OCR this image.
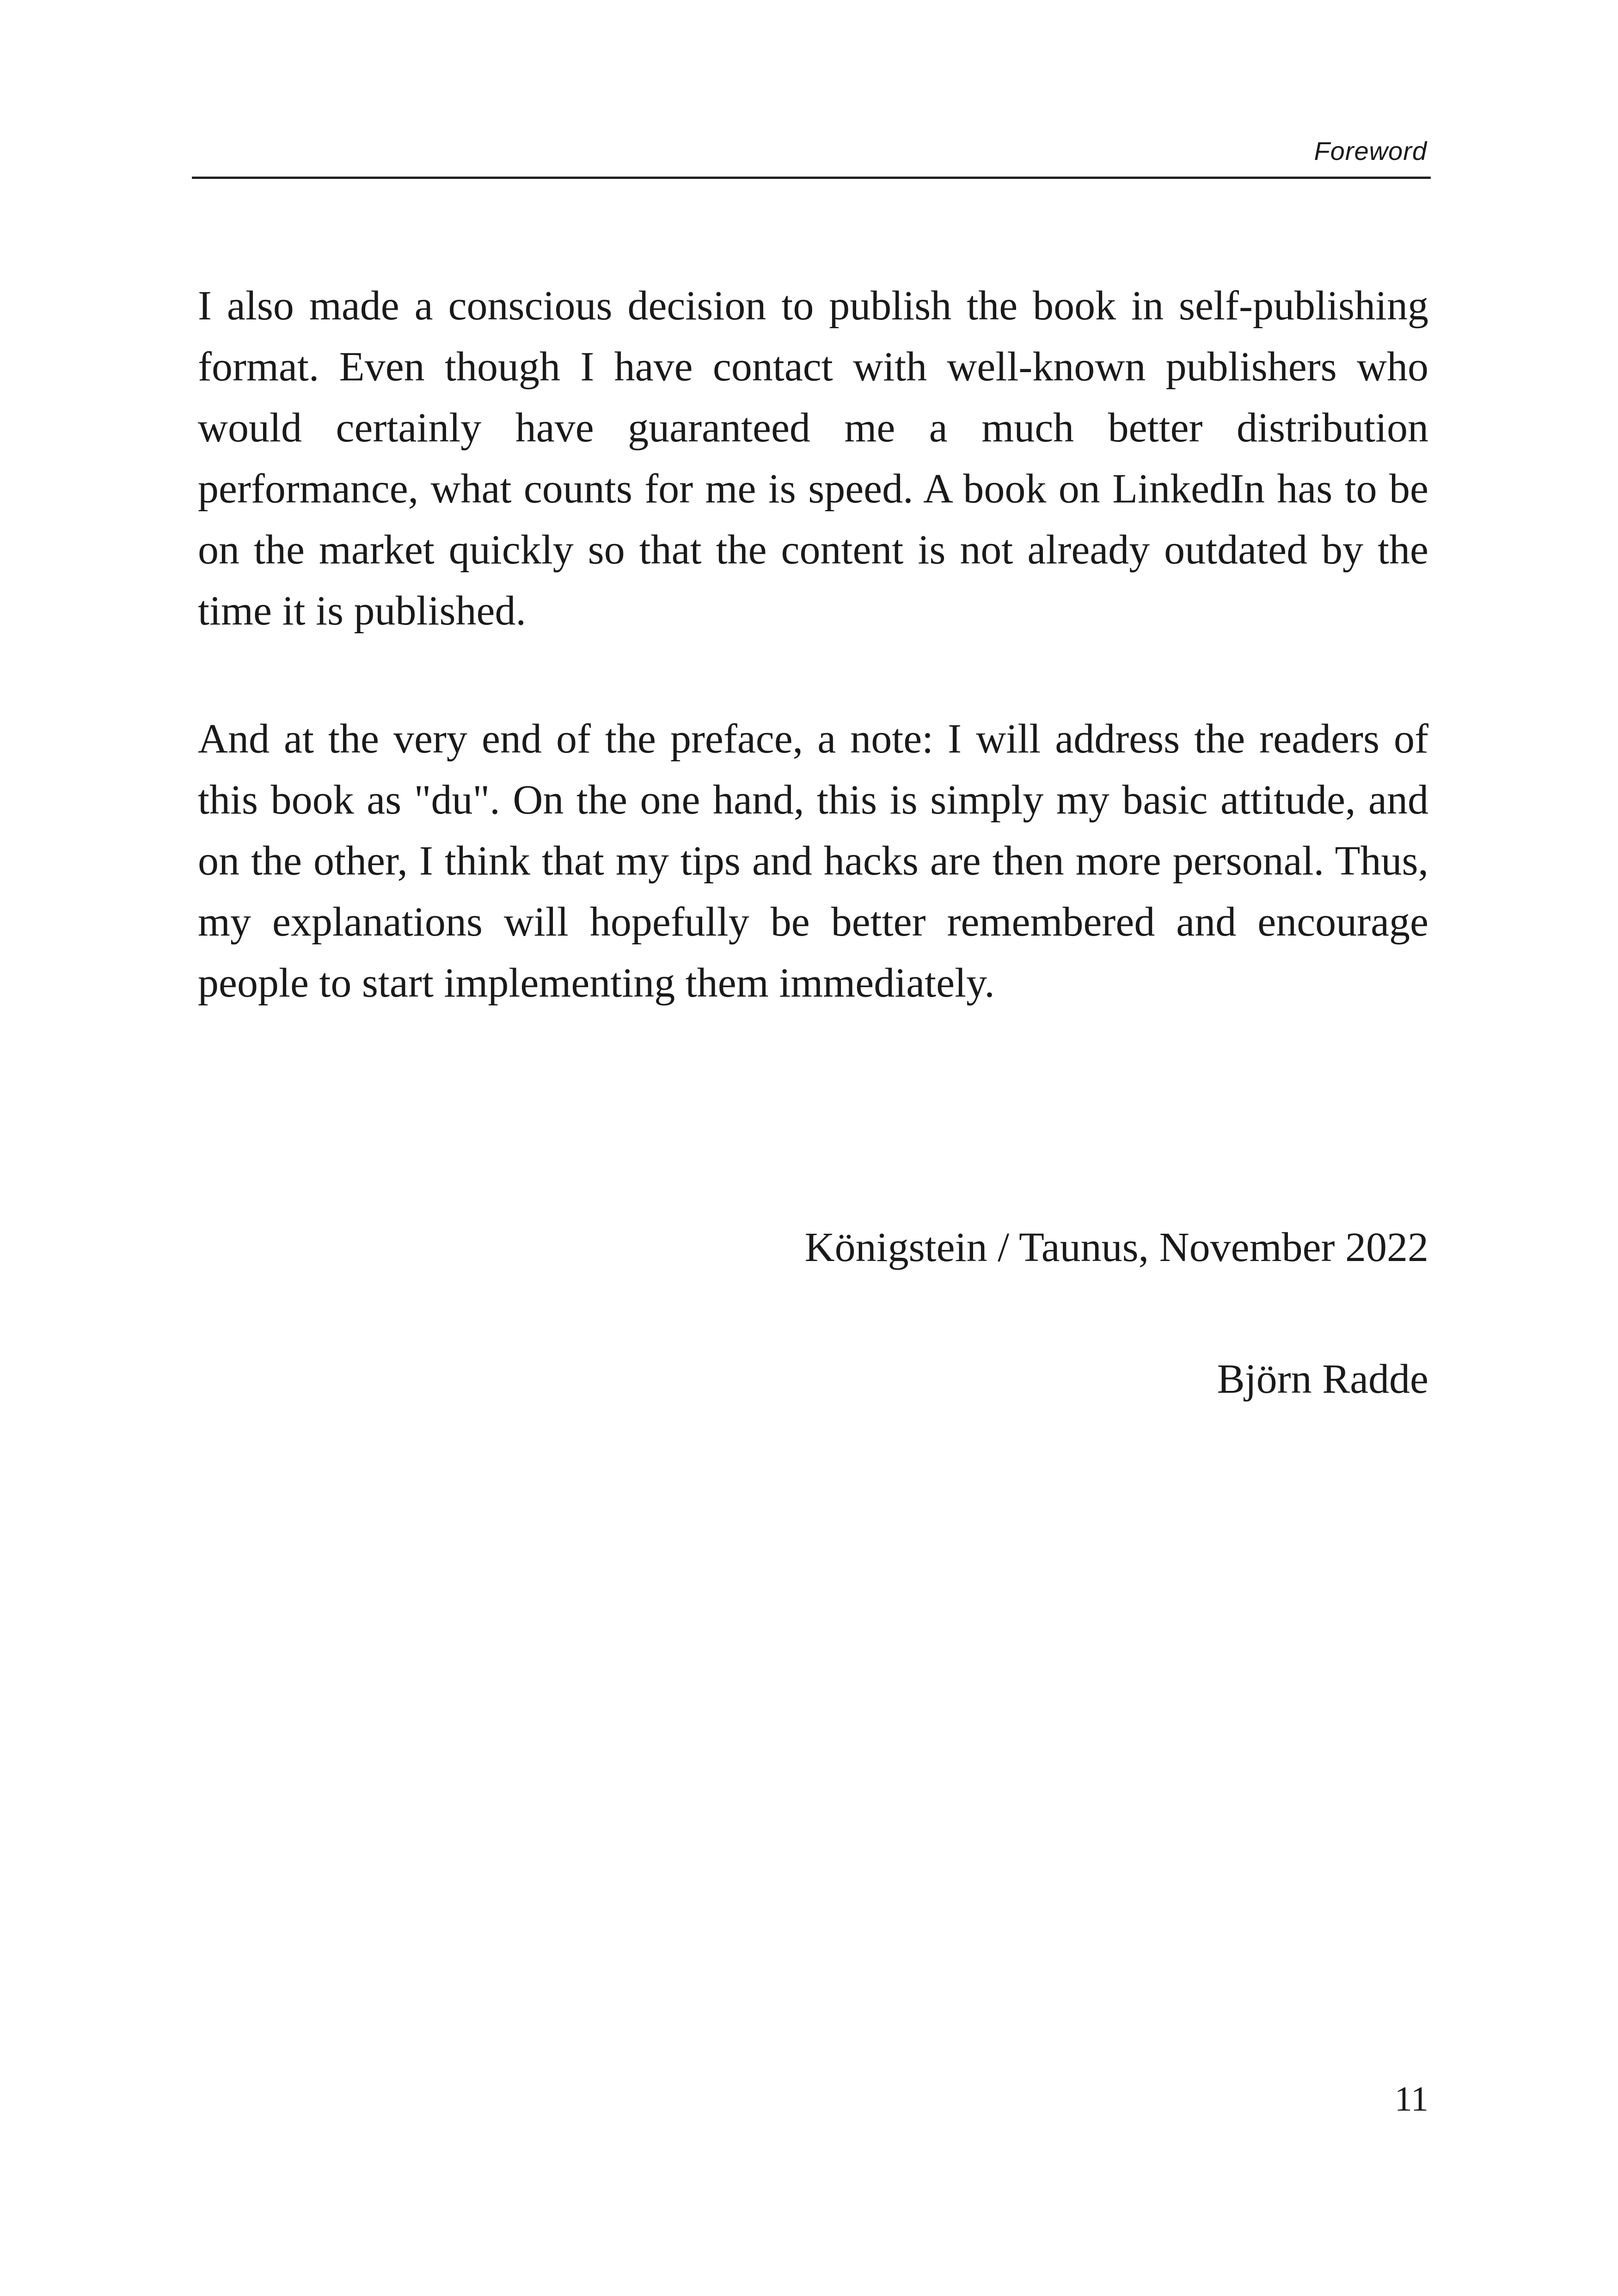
Foreword

I also made a conscious decision to publish the book in self-publishing format. Even though I have contact with well-known publishers who would certainly have guaranteed me a much better distribution performance, what counts for me is speed. A book on LinkedIn has to be on the market quickly so that the content is not already outdated by the time it is published.

And at the very end of the preface, a note: I will address the readers of this book as "du". On the one hand, this is simply my basic attitude, and on the other, I think that my tips and hacks are then more personal. Thus, my explanations will hopefully be better remembered and encourage people to start implementing them immediately.

Königstein / Taunus, November 2022
Björn Radde
11
